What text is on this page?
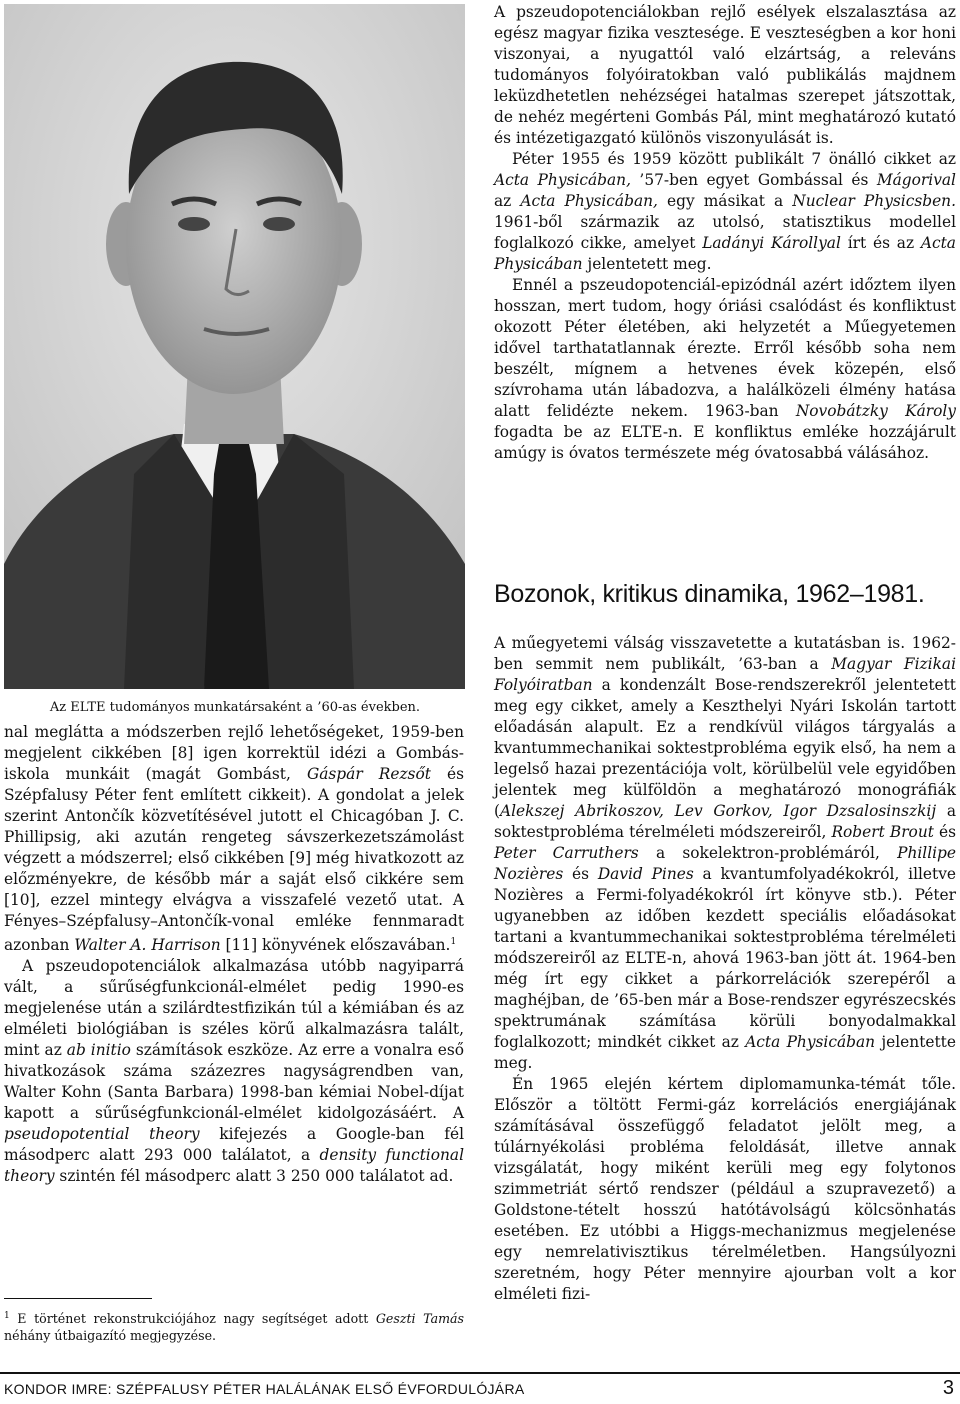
Az ELTE tudományos munkatársaként a ’60-as években.

A pszeudopotenciálokban rejlő esélyek elszalasztása az egész magyar fizika vesztesége. E veszteségben a kor honi viszonyai, a nyugattól való elzártság, a releváns tudományos folyóiratokban való publikálás majdnem leküzdhetetlen nehézségei hatalmas szerepet játszottak, de nehéz megérteni Gombás Pál, mint meghatározó kutató és intézetigazgató különös viszonyulását is.

Péter 1955 és 1959 között publikált 7 önálló cikket az Acta Physicában, ’57-ben egyet Gombással és Mágorival az Acta Physicában, egy másikat a Nuclear Physicsben. 1961-ből származik az utolsó, statisztikus modellel foglalkozó cikke, amelyet Ladányi Károllyal írt és az Acta Physicában jelentetett meg.

Ennél a pszeudopotenciál-epizódnál azért időztem ilyen hosszan, mert tudom, hogy óriási csalódást és konfliktust okozott Péter életében, aki helyzetét a Műegyetemen idővel tarthatatlannak érezte. Erről később soha nem beszélt, mígnem a hetvenes évek közepén, első szívrohama után lábadozva, a halálközeli élmény hatása alatt felidézte nekem. 1963-ban Novobátzky Károly fogadta be az ELTE-n. E konfliktus emléke hozzájárult amúgy is óvatos természete még óvatosabbá válásához.

Bozonok, kritikus dinamika, 1962–1981.

A műegyetemi válság visszavetette a kutatásban is. 1962-ben semmit nem publikált, ’63-ban a Magyar Fizikai Folyóiratban a kondenzált Bose-rendszerekről jelentetett meg egy cikket, amely a Keszthelyi Nyári Iskolán tartott előadásán alapult. Ez a rendkívül világos tárgyalás a kvantummechanikai soktestprobléma egyik első, ha nem a legelső hazai prezentációja volt, körülbelül vele egyidőben jelentek meg külföldön a meghatározó monográfiák (Alekszej Abrikoszov, Lev Gorkov, Igor Dzsalosinszkij a soktestprobléma térelméleti módszereiről, Robert Brout és Peter Carruthers a sokelektron-problémáról, Phillipe Nozières és David Pines a kvantumfolyadékokról, illetve Nozières a Fermi-folyadékokról írt könyve stb.). Péter ugyanebben az időben kezdett speciális előadásokat tartani a kvantummechanikai soktestprobléma térelméleti módszereiről az ELTE-n, ahová 1963-ban jött át. 1964-ben még írt egy cikket a párkorrelációk szerepéről a maghéjban, de ’65-ben már a Bose-rendszer egyrészecskés spektrumának számítása körüli bonyodalmakkal foglalkozott; mindkét cikket az Acta Physicában jelentette meg.

Én 1965 elején kértem diplomamunka-témát tőle. Először a töltött Fermi-gáz korrelációs energiájának számításával összefüggő feladatot jelölt meg, a túlárnyékolási probléma feloldását, illetve annak vizsgálatát, hogy miként kerüli meg egy folytonos szimmetriát sértő rendszer (például a szupravezető) a Goldstone-tételt hosszú hatótávolságú kölcsönhatás esetében. Ez utóbbi a Higgs-mechanizmus megjelenése egy nemrelativisztikus térelméletben. Hangsúlyozni szeretném, hogy Péter mennyire ajourban volt a kor elméleti fizi-

nal meglátta a módszerben rejlő lehetőségeket, 1959-ben megjelent cikkében [8] igen korrektül idézi a Gombás-iskola munkáit (magát Gombást, Gáspár Rezsőt és Szépfalusy Péter fent említett cikkeit). A gondolat a jelek szerint Antončík közvetítésével jutott el Chicagóban J. C. Phillipsig, aki azután rengeteg sávszerkezetszámolást végzett a módszerrel; első cikkében [9] még hivatkozott az előzményekre, de később már a saját első cikkére sem [10], ezzel mintegy elvágva a visszafelé vezető utat. A Fényes–Szépfalusy–Antončík-vonal emléke fennmaradt azonban Walter A. Harrison [11] könyvének előszavában.$^1$

A pszeudopotenciálok alkalmazása utóbb nagyiparrá vált, a sűrűségfunkcionál-elmélet pedig 1990-es megjelenése után a szilárdtestfizikán túl a kémiában és az elméleti biológiában is széles körű alkalmazásra talált, mint az ab initio számítások eszköze. Az erre a vonalra eső hivatkozások száma százezres nagyságrendben van, Walter Kohn (Santa Barbara) 1998-ban kémiai Nobel-díjat kapott a sűrűségfunkcionál-elmélet kidolgozásáért. A pseudopotential theory kifejezés a Google-ban fél másodperc alatt 293 000 találatot, a density functional theory szintén fél másodperc alatt 3 250 000 találatot ad.

$^1$ E történet rekonstrukciójához nagy segítséget adott Geszti Tamás néhány útbaigazító megjegyzése.
KONDOR IMRE: SZÉPFALUSY PÉTER HALÁLÁNAK ELSŐ ÉVFORDULÓJÁRA	3
